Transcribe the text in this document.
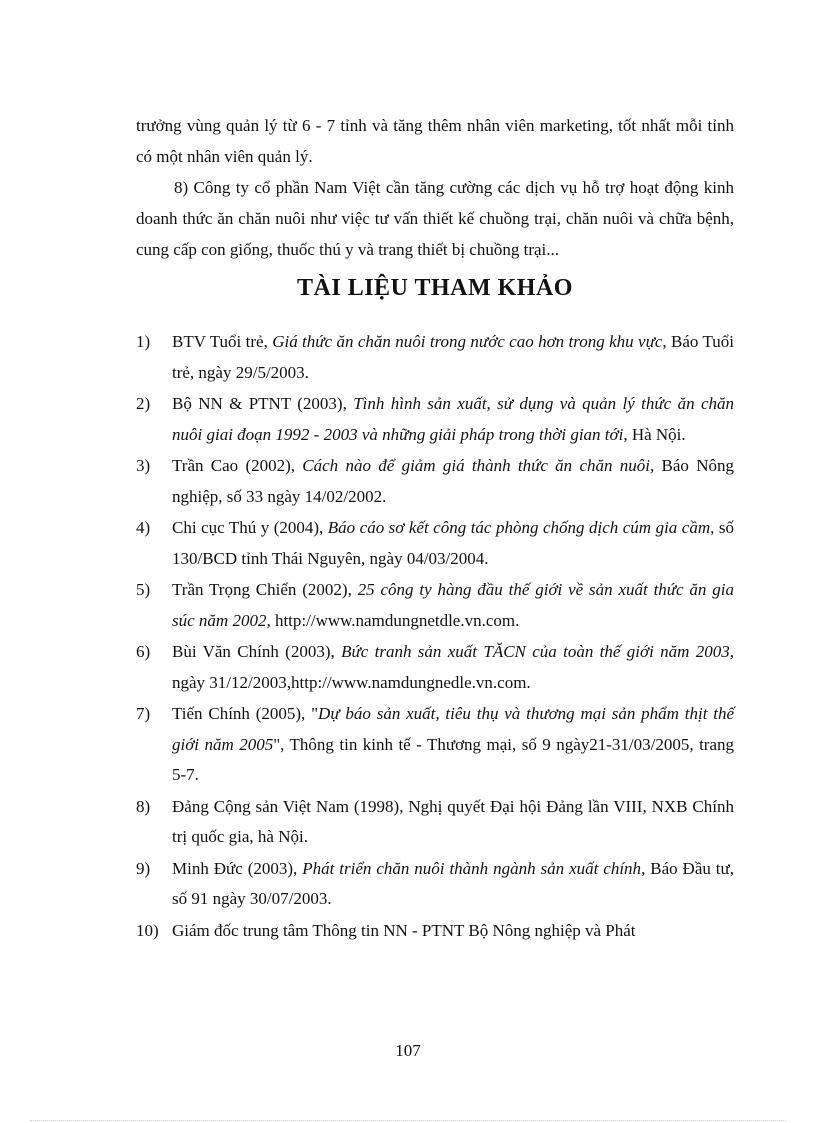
trưởng vùng quản lý từ 6 - 7 tỉnh và tăng thêm nhân viên marketing, tốt nhất mỗi tỉnh có một nhân viên quản lý.

8) Công ty cổ phần Nam Việt cần tăng cường các dịch vụ hỗ trợ hoạt động kinh doanh thức ăn chăn nuôi như việc tư vấn thiết kế chuồng trại, chăn nuôi và chữa bệnh, cung cấp con giống, thuốc thú y và trang thiết bị chuồng trại...

TÀI LIỆU THAM KHẢO
1) BTV Tuổi trẻ, Giá thức ăn chăn nuôi trong nước cao hơn trong khu vực, Báo Tuổi trẻ, ngày 29/5/2003.
2) Bộ NN & PTNT (2003), Tình hình sản xuất, sử dụng và quản lý thức ăn chăn nuôi giai đoạn 1992 - 2003 và những giải pháp trong thời gian tới, Hà Nội.
3) Trần Cao (2002), Cách nào để giảm giá thành thức ăn chăn nuôi, Báo Nông nghiệp, số 33 ngày 14/02/2002.
4) Chi cục Thú y (2004), Báo cáo sơ kết công tác phòng chống dịch cúm gia cầm, số 130/BCD tỉnh Thái Nguyên, ngày 04/03/2004.
5) Trần Trọng Chiến (2002), 25 công ty hàng đầu thế giới về sản xuất thức ăn gia súc năm 2002, http://www.namdungnetdle.vn.com.
6) Bùi Văn Chính (2003), Bức tranh sản xuất TĂCN của toàn thế giới năm 2003, ngày 31/12/2003,http://www.namdungnedle.vn.com.
7) Tiến Chính (2005), "Dự báo sản xuất, tiêu thụ và thương mại sản phẩm thịt thế giới năm 2005", Thông tin kinh tế - Thương mại, số 9 ngày21-31/03/2005, trang 5-7.
8) Đảng Cộng sản Việt Nam (1998), Nghị quyết Đại hội Đảng lần VIII, NXB Chính trị quốc gia, hà Nội.
9) Minh Đức (2003), Phát triển chăn nuôi thành ngành sản xuất chính, Báo Đầu tư, số 91 ngày 30/07/2003.
10) Giám đốc trung tâm Thông tin NN - PTNT Bộ Nông nghiệp và Phát
107
